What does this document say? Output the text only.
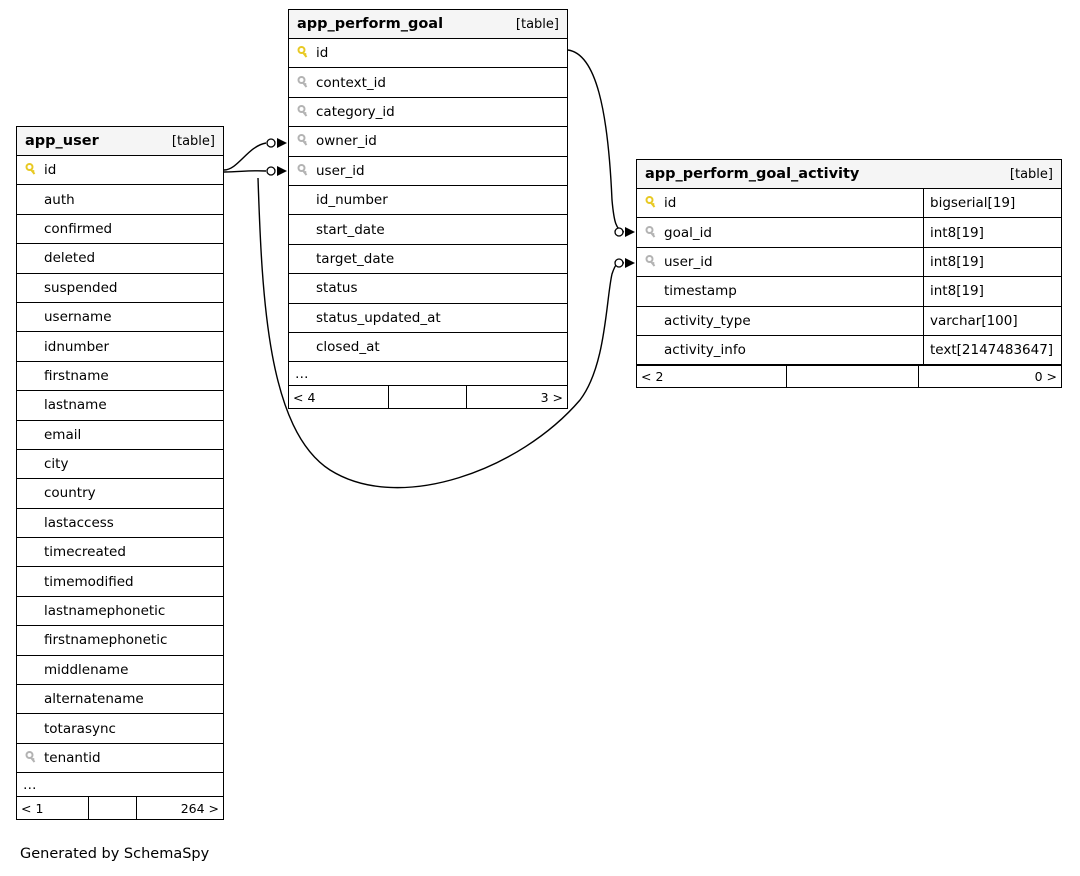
app_user	[table]
id
auth
confirmed
deleted
suspended
username
idnumber
firstname
lastname
email
city
country
lastaccess
timecreated
timemodified
lastnamephonetic
firstnamephonetic
middlename
alternatename
totarasync
tenantid
…
< 1	264 >
app_perform_goal	[table]
id
context_id
category_id
owner_id
user_id
id_number
start_date
target_date
status
status_updated_at
closed_at
…
< 4	3 >
app_perform_goal_activity	[table]
id	bigserial[19]
goal_id	int8[19]
user_id	int8[19]
timestamp	int8[19]
activity_type	varchar[100]
activity_info	text[2147483647]
< 2	0 >
Generated by SchemaSpy
